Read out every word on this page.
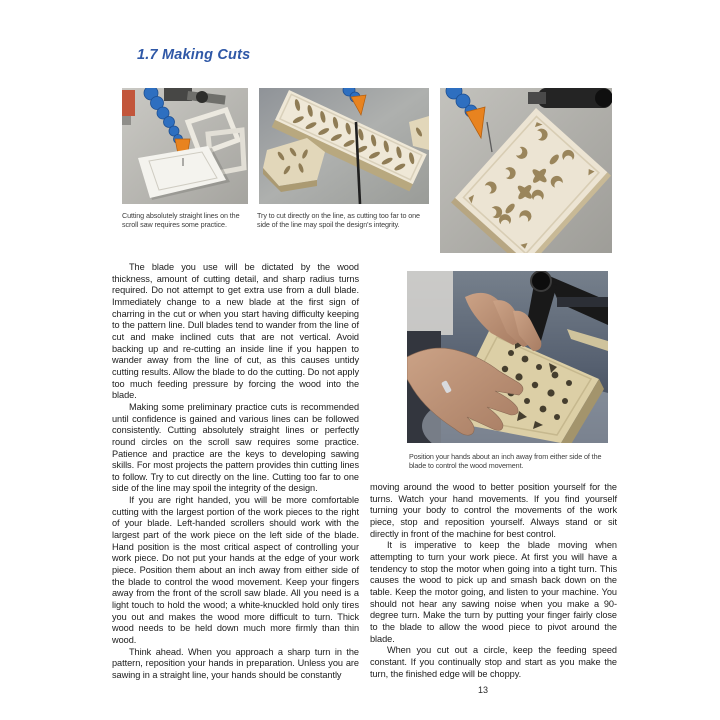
1.7 Making Cuts
Cutting absolutely straight lines on the scroll saw requires some practice.
Try to cut directly on the line, as cutting too far to one side of the line may spoil the design's integrity.
Position your hands about an inch away from either side of the blade to control the wood movement.

The blade you use will be dictated by the wood thickness, amount of cutting detail, and sharp radius turns required. Do not attempt to get extra use from a dull blade. Immediately change to a new blade at the first sign of charring in the cut or when you start having difficulty keeping to the pattern line. Dull blades tend to wander from the line of cut and make inclined cuts that are not vertical. Avoid backing up and re-cutting an inside line if you happen to wander away from the line of cut, as this causes untidy cutting results. Allow the blade to do the cutting. Do not apply too much feeding pressure by forcing the wood into the blade.

Making some preliminary practice cuts is recommended until confidence is gained and various lines can be followed consistently. Cutting absolutely straight lines or perfectly round circles on the scroll saw requires some practice. Patience and practice are the keys to developing sawing skills. For most projects the pattern provides thin cutting lines to follow. Try to cut directly on the line. Cutting too far to one side of the line may spoil the integrity of the design.

If you are right handed, you will be more comfortable cutting with the largest portion of the work pieces to the right of your blade. Left-handed scrollers should work with the largest part of the work piece on the left side of the blade. Hand position is the most critical aspect of controlling your work piece. Do not put your hands at the edge of your work piece. Position them about an inch away from either side of the blade to control the wood movement. Keep your fingers away from the front of the scroll saw blade. All you need is a light touch to hold the wood; a white-knuckled hold only tires you out and makes the wood more difficult to turn. Thick wood needs to be held down much more firmly than thin wood.

Think ahead. When you approach a sharp turn in the pattern, reposition your hands in preparation. Unless you are sawing in a straight line, your hands should be constantly

moving around the wood to better position yourself for the turns. Watch your hand movements. If you find yourself turning your body to control the movements of the work piece, stop and reposition yourself. Always stand or sit directly in front of the machine for best control.

It is imperative to keep the blade moving when attempting to turn your work piece. At first you will have a tendency to stop the motor when going into a tight turn. This causes the wood to pick up and smash back down on the table. Keep the motor going, and listen to your machine. You should not hear any sawing noise when you make a 90-degree turn. Make the turn by putting your finger fairly close to the blade to allow the wood piece to pivot around the blade.

When you cut out a circle, keep the feeding speed constant. If you continually stop and start as you make the turn, the finished edge will be choppy.

13
